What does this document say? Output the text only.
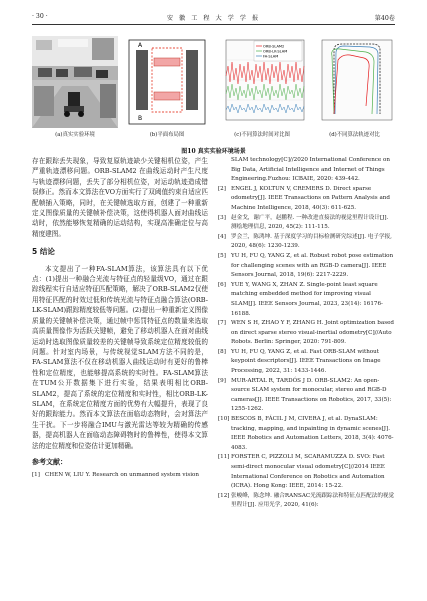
· 30 ·	安 徽 工 程 大 学 学 报	第40卷
(a)真实实验环境
A
B
(b)平面布局图
ORB-SLAM2
ORB-LK-SLAM
FA-SLAM
(c)不同算法时间对比图	(d)不同算法轨迹对比
图10 真实实验环境场景

存在跟踪丢失现象，导致复原轨迹缺少关键相机位姿，产生严重轨迹漂移问题。ORB-SLAM2 在曲线运动时产生尺度与轨迹漂移问题，丢失了部分相机位姿，对运动轨迹造成错误修正。然而本文算法在VO方面实行了双阈值约束自适应匹配帧插入策略，同时，在关键帧选取方面，创建了一种重新定义图像质量的关键帧补偿决策，这使得机器人面对曲线运动时，依然能够恢复精确的运动结构，实现高准确定位与高精度建图。

5 结论

本文提出了一种FA-SLAM算法，该算法具有以下优点：(1)提出一种融合光流与特征点的轻量级VO，通过在跟踪线程实行自适应特征匹配策略，解决了ORB-SLAM2仅使用特征匹配的时效过低和传统光流与特征点融合算法(ORB-LK-SLAM)跟踪精度较低等问题。(2)提出一种重新定义图像质量的关键帧补偿决策，通过帧中惩罚特征点的数量来选取高质量图像作为活跃关键帧，避免了移动机器人在面对曲线运动时选取图像质量较差的关键帧导致系统定位精度较低的问题。针对室内场景，与传统视觉SLAM方法不同的是，FA-SLAM算法不仅在移动机器人曲线运动时有更好的鲁棒性和定位精度，也能够提高系统的实时性。FA-SLAM算法在TUM公开数据集下进行实验，结果表明相比ORB-SLAM2，提高了系统的定位精度和实时性，相比ORB-LK-SLAM，在系统定位精度方面的优势有大幅提升，表现了良好的跟踪能力。然而本文算法在面临动态物时，会对算法产生干扰。下一步将融合IMU与激光雷达等较为精确的传感器，提高机器人在面临动态障碍物时的鲁棒性，使得本文算法的定位精度和位姿估计更加精确。

参考文献：

[1] CHEN W, LIU Y. Research on unmanned system vision

SLAM technology[C]//2020 International Conference on Big Data, Artificial Intelligence and Internet of Things Engineering.Fuzhou: ICBAIE, 2020: 439-442.

[2] ENGEL J, KOLTUN V, CREMERS D. Direct sparse odometry[J]. IEEE Transactions on Pattern Analysis and Machine Intelligence, 2018, 40(3): 611-625.

[3] 赵金戈，谢广平，赵鹏程. 一种改进直接法的视觉里程计设计[J]. 测绘地理信息, 2020, 45(2): 111-115.

[4] 罗会兰，陈鸿坤. 基于深度学习的目标检测研究综述[J]. 电子学报, 2020, 48(6): 1230-1239.

[5] YU H, FU Q, YANG Z, et al. Robust robot pose estimation for challenging scenes with an RGB-D camera[J]. IEEE Sensors Journal, 2018, 19(6): 2217-2229.

[6] YUE Y, WANG X, ZHAN Z. Single-point least square matching embedded method for improving visual SLAM[J]. IEEE Sensors Journal, 2023, 23(14): 16176-16188.

[7] WEN S H, ZHAO Y F, ZHANG H. Joint optimization based on direct sparse stereo visual-inertial odometry[C]//Auto Robots. Berlin: Springer, 2020: 791-809.

[8] YU H, FU Q, YANG Z, et al. Fast ORB-SLAM without keypoint descriptors[J]. IEEE Transactions on Image Processing, 2022, 31: 1433-1446.

[9] MUR-ARTAL R, TARDÓS J D. ORB-SLAM2: An open-source SLAM system for monocular, stereo and RGB-D cameras[J]. IEEE Transactions on Robotics, 2017, 33(5): 1255-1262.

[10] BESCOS B, FÁCIL J M, CIVERA J, et al. DynaSLAM: tracking, mapping, and inpainting in dynamic scenes[J]. IEEE Robotics and Automation Letters, 2018, 3(4): 4076-4083.

[11] FORSTER C, PIZZOLI M, SCARAMUZZA D. SVO: Fast semi-direct monocular visual odometry[C]//2014 IEEE International Conference on Robotics and Automation (ICRA). Hong Kong: IEEE, 2014: 15-22.

[12] 张峻峰，陈念坤. 融合RANSAC光流跟踪法和特征点匹配法的视觉里程计[J]. 应用光学, 2020, 41(6):
